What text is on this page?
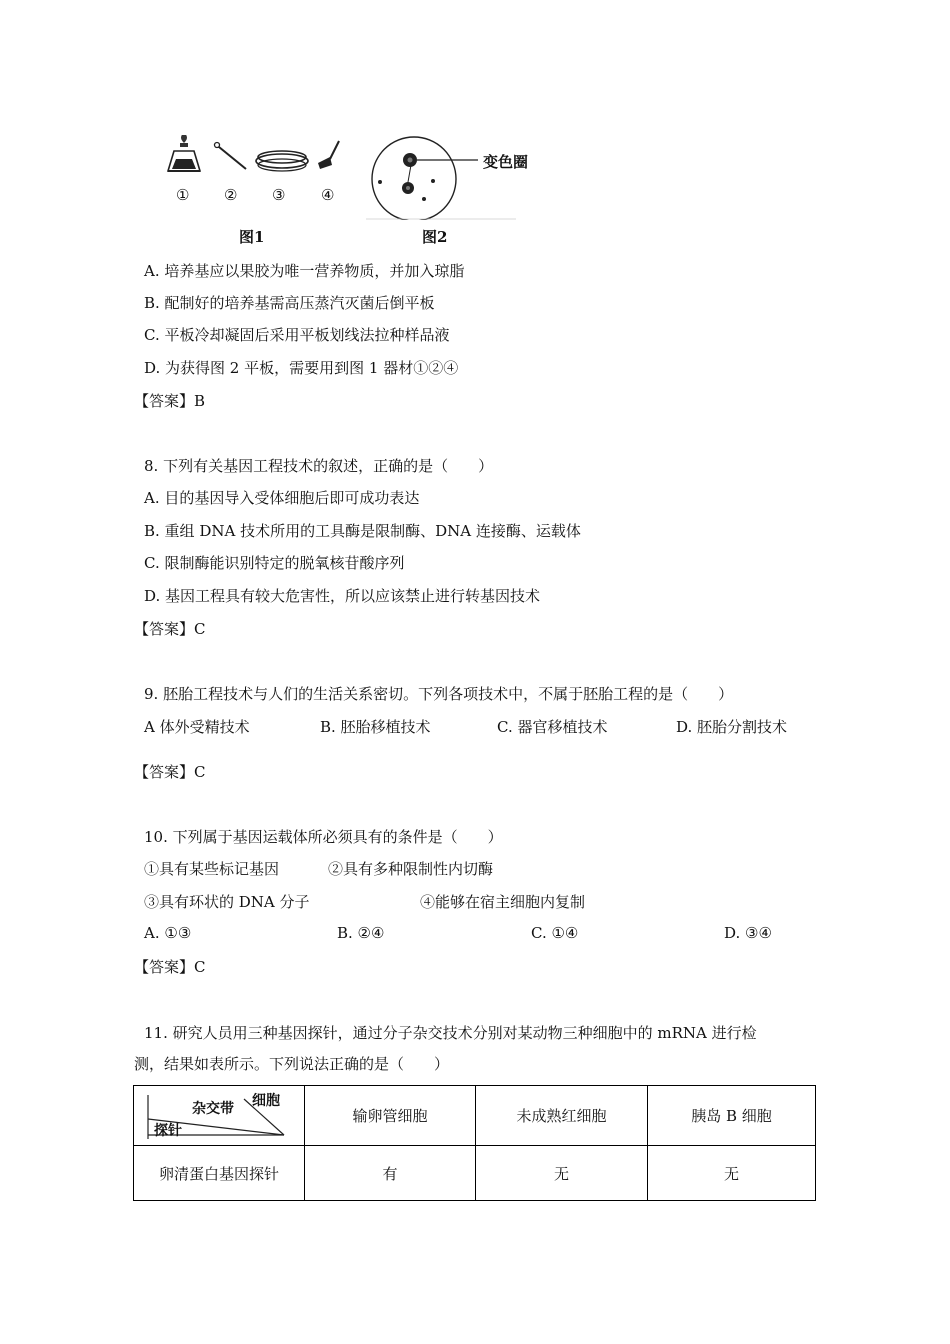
① ② ③ ④
变色圈
图1	图2
A. 培养基应以果胶为唯一营养物质，并加入琼脂
B. 配制好的培养基需高压蒸汽灭菌后倒平板
C. 平板冷却凝固后采用平板划线法拉种样品液
D. 为获得图 2 平板，需要用到图 1 器材①②④
【答案】B
8. 下列有关基因工程技术的叙述，正确的是（　　）
A. 目的基因导入受体细胞后即可成功表达
B. 重组 DNA 技术所用的工具酶是限制酶、DNA 连接酶、运载体
C. 限制酶能识别特定的脱氧核苷酸序列
D. 基因工程具有较大危害性，所以应该禁止进行转基因技术
【答案】C
9. 胚胎工程技术与人们的生活关系密切。下列各项技术中，不属于胚胎工程的是（　　）
A 体外受精技术	B. 胚胎移植技术	C. 器官移植技术	D. 胚胎分割技术
【答案】C
10. 下列属于基因运载体所必须具有的条件是（　　）
①具有某些标记基因	②具有多种限制性内切酶
③具有环状的 DNA 分子	④能够在宿主细胞内复制
A. ①③	B. ②④	C. ①④	D. ③④
【答案】C
11. 研究人员用三种基因探针，通过分子杂交技术分别对某动物三种细胞中的 mRNA 进行检
测，结果如表所示。下列说法正确的是（　　）
细胞
杂交带
探针	输卵管细胞	未成熟红细胞	胰岛 B 细胞
卵清蛋白基因探针	有	无	无
